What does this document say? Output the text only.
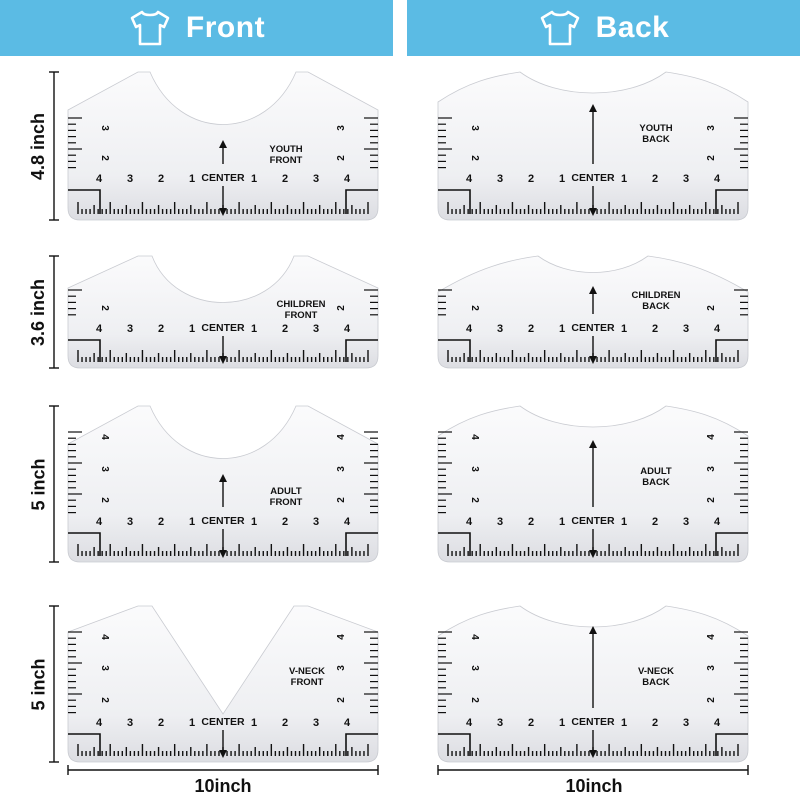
Front	Back
4 3 2 1	1 2 3 4
3	3
2	2
CENTER
YOUTH
FRONT
4 3 2 1	1 2 3 4
3	3
2	2
CENTER
YOUTH
BACK
4 3 2 1	1 2 3 4
2	2
CENTER
CHILDREN
FRONT
4 3 2 1	1 2 3 4
2	2
CENTER
CHILDREN
BACK
4 3 2 1	1 2 3 4
4	4
3	3
2	2
CENTER
ADULT
FRONT
4 3 2 1	1 2 3 4
4	4
3	3
2	2
CENTER
ADULT
BACK
4 3 2 1	1 2 3 4
4	4
3	3
2	2
CENTER
V-NECK
FRONT
4 3 2 1	1 2 3 4
4	4
3	3
2	2
CENTER
V-NECK
BACK
4.8 inch
3.6 inch
5 inch
5 inch
10inch	10inch
